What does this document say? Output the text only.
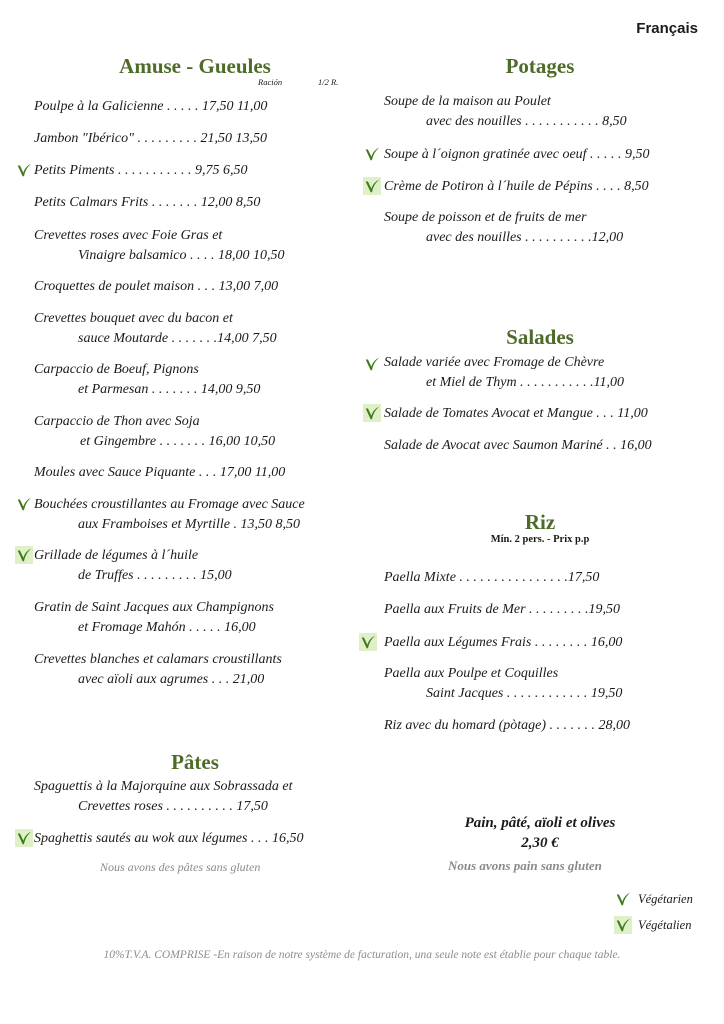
Français
Amuse - Gueules
Ración	1/2 R.
Poulpe à la Galicienne . . . . . 17,50 11,00
Jambon "Ibérico" . . . . . . . . . 21,50 13,50
Petits Piments . . . . . . . . . . . 9,75 6,50
Petits Calmars Frits . . . . . . . 12,00 8,50
Crevettes roses avec Foie Gras et
Vinaigre balsamico . . . . 18,00 10,50
Croquettes de poulet maison . . . 13,00 7,00
Crevettes bouquet avec du bacon et
sauce Moutarde . . . . . . .14,00 7,50
Carpaccio de Boeuf, Pignons
et Parmesan . . . . . . . 14,00 9,50
Carpaccio de Thon avec Soja
et Gingembre . . . . . . . 16,00 10,50
Moules avec Sauce Piquante . . . 17,00 11,00
Bouchées croustillantes au Fromage avec Sauce
aux Framboises et Myrtille . 13,50 8,50
Grillade de légumes à l´huile
de Truffes . . . . . . . . . 15,00
Gratin de Saint Jacques aux Champignons
et Fromage Mahón . . . . . 16,00
Crevettes blanches et calamars croustillants
avec aïoli aux agrumes . . . 21,00
Pâtes
Spaguettis à la Majorquine aux Sobrassada et
Crevettes roses . . . . . . . . . . 17,50
Spaghettis sautés au wok aux légumes . . . 16,50
Nous avons des pâtes sans gluten
Potages
Soupe de la maison au Poulet
avec des nouilles . . . . . . . . . . . 8,50
Soupe à l´oignon gratinée avec oeuf . . . . . 9,50
Crème de Potiron à l´huile de Pépins . . . . 8,50
Soupe de poisson et de fruits de mer
avec des nouilles . . . . . . . . . .12,00
Salades
Salade variée avec Fromage de Chèvre
et Miel de Thym . . . . . . . . . . .11,00
Salade de Tomates Avocat et Mangue . . . 11,00
Salade de Avocat avec Saumon Mariné . . 16,00
Riz
Mín. 2 pers. - Prix p.p
Paella Mixte . . . . . . . . . . . . . . . .17,50
Paella aux Fruits de Mer . . . . . . . . .19,50
Paella aux Légumes Frais . . . . . . . . 16,00
Paella aux Poulpe et Coquilles
Saint Jacques . . . . . . . . . . . . 19,50
Riz avec du homard (pòtage) . . . . . . . 28,00
Pain, pâté, aïoli et olives
2,30 €
Nous avons pain sans gluten
Végétarien
Végétalien
10%T.V.A. COMPRISE -En raison de notre système de facturation, una seule note est établie pour chaque table.
